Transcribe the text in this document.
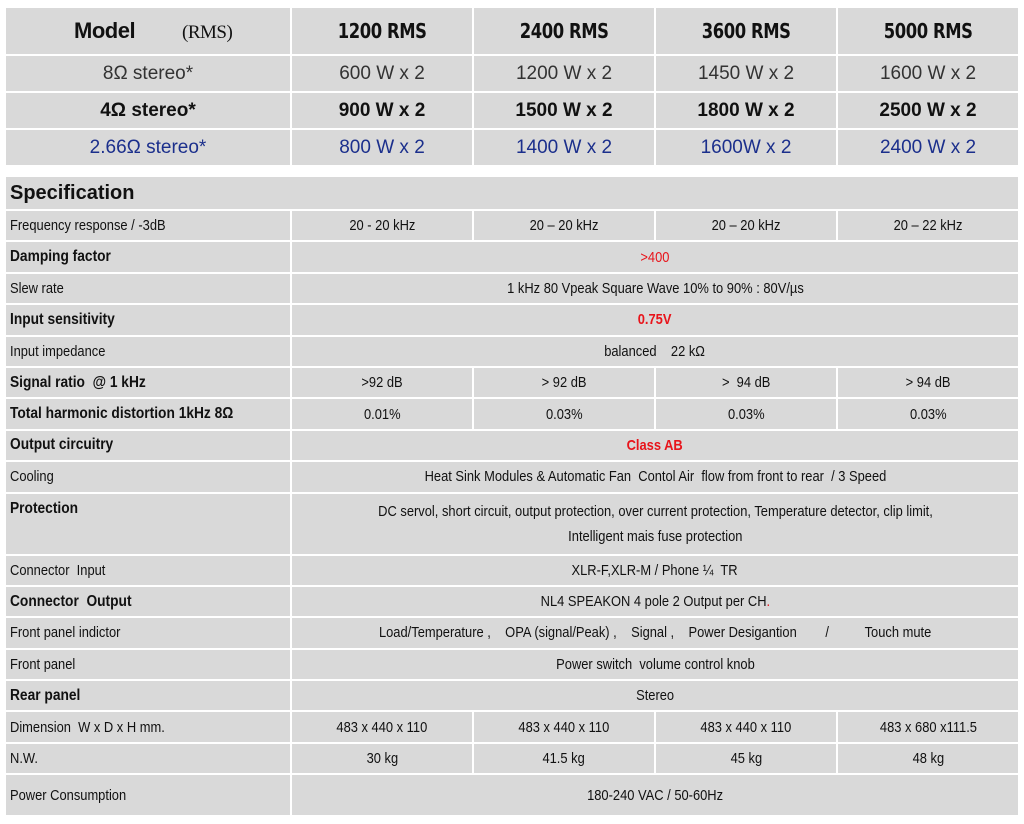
Model (RMS)	1200 RMS	2400 RMS	3600 RMS	5000 RMS
8Ω stereo*	600 W x 2	1200 W x 2	1450 W x 2	1600 W x 2
4Ω stereo*	900 W x 2	1500 W x 2	1800 W x 2	2500 W x 2
2.66Ω stereo*	800 W x 2	1400 W x 2	1600W x 2	2400 W x 2
Specification				
Frequency response / -3dB	20 - 20 kHz	20 – 20 kHz	20 – 20 kHz	20 – 22 kHz
Damping factor	>400			
Slew rate	1 kHz 80 Vpeak Square Wave 10% to 90% : 80V/µs			
Input sensitivity	0.75V			
Input impedance	balanced    22 kΩ			
Signal ratio  @ 1 kHz	>92 dB	> 92 dB	>  94 dB	> 94 dB
Total harmonic distortion 1kHz 8Ω	0.01%	0.03%	0.03%	0.03%
Output circuitry	Class AB			
Cooling	Heat Sink Modules & Automatic Fan  Contol Air  flow from front to rear  / 3 Speed			
Protection	DC servol, short circuit, output protection, over current protection, Temperature detector, clip limit,
Intelligent mais fuse protection			
Connector  Input	XLR-F,XLR-M / Phone ¼  TR			
Connector  Output	NL4 SPEAKON 4 pole 2 Output per CH.			
Front panel indictor	Load/Temperature ,    OPA (signal/Peak) ,    Signal ,    Power Desigantion        /          Touch mute			
Front panel	Power switch  volume control knob			
Rear panel	Stereo			
Dimension  W x D x H mm.	483 x 440 x 110	483 x 440 x 110	483 x 440 x 110	483 x 680 x111.5
N.W.	30 kg	41.5 kg	45 kg	48 kg
Power Consumption	180-240 VAC / 50-60Hz			
